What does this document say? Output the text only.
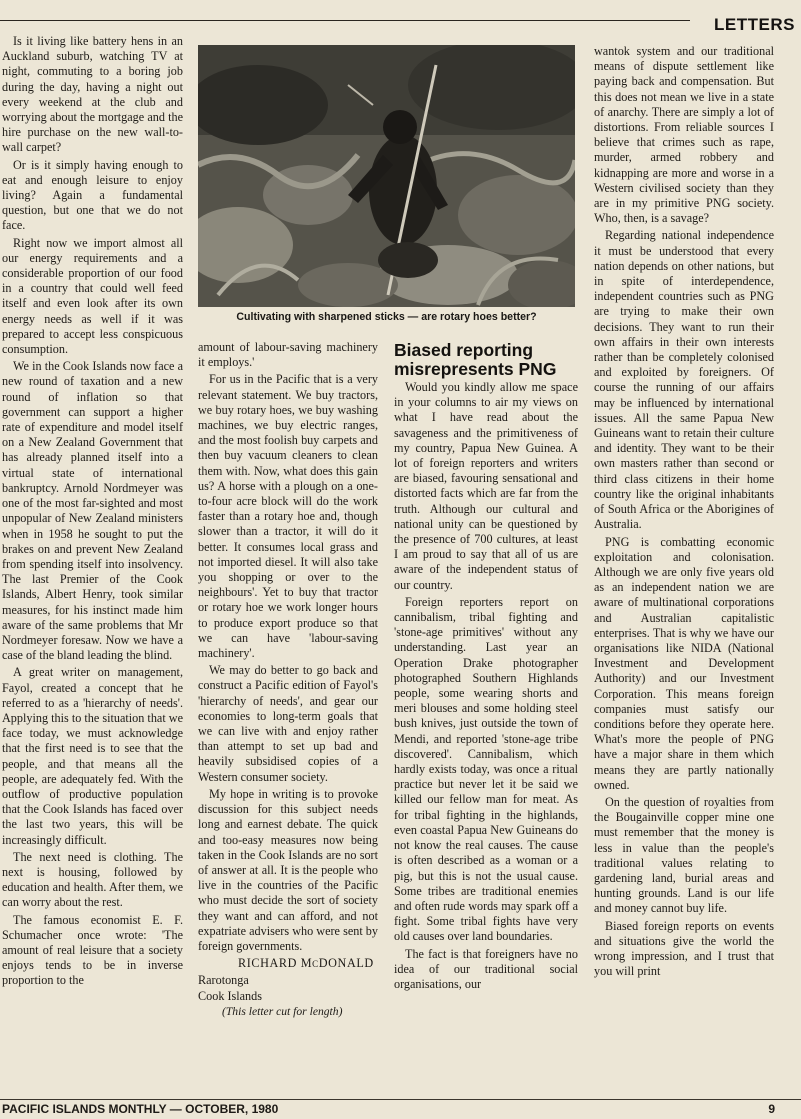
LETTERS

Is it living like battery hens in an Auckland suburb, watching TV at night, commuting to a boring job during the day, having a night out every weekend at the club and worrying about the mortgage and the hire purchase on the new wall-to-wall carpet?

Or is it simply having enough to eat and enough leisure to enjoy living? Again a fundamental question, but one that we do not face.

Right now we import almost all our energy requirements and a considerable proportion of our food in a country that could well feed itself and even look after its own energy needs as well if it was prepared to accept less conspicuous consumption.

We in the Cook Islands now face a new round of taxation and a new round of inflation so that government can support a higher rate of expenditure and model itself on a New Zealand Government that has already planned itself into a virtual state of international bankruptcy. Arnold Nordmeyer was one of the most far-sighted and most unpopular of New Zealand ministers when in 1958 he sought to put the brakes on and prevent New Zealand from spending itself into insolvency. The last Premier of the Cook Islands, Albert Henry, took similar measures, for his instinct made him aware of the same problems that Mr Nordmeyer foresaw. Now we have a case of the bland leading the blind.

A great writer on management, Fayol, created a concept that he referred to as a 'hierarchy of needs'. Applying this to the situation that we face today, we must acknowledge that the first need is to see that the people, and that means all the people, are adequately fed. With the outflow of productive population that the Cook Islands has faced over the last two years, this will be increasingly difficult.

The next need is clothing. The next is housing, followed by education and health. After them, we can worry about the rest.

The famous economist E. F. Schumacher once wrote: 'The amount of real leisure that a society enjoys tends to be in inverse proportion to the

Cultivating with sharpened sticks — are rotary hoes better?

amount of labour-saving machinery it employs.'

For us in the Pacific that is a very relevant statement. We buy tractors, we buy rotary hoes, we buy washing machines, we buy electric ranges, and the most foolish buy carpets and then buy vacuum cleaners to clean them with. Now, what does this gain us? A horse with a plough on a one-to-four acre block will do the work faster than a rotary hoe and, though slower than a tractor, it will do it better. It consumes local grass and not imported diesel. It will also take you shopping or over to the neighbours'. Yet to buy that tractor or rotary hoe we work longer hours to produce export produce so that we can have 'labour-saving machinery'.

We may do better to go back and construct a Pacific edition of Fayol's 'hierarchy of needs', and gear our economies to long-term goals that we can live with and enjoy rather than attempt to set up bad and heavily subsidised copies of a Western consumer society.

My hope in writing is to provoke discussion for this subject needs long and earnest debate. The quick and too-easy measures now being taken in the Cook Islands are no sort of answer at all. It is the people who live in the countries of the Pacific who must decide the sort of society they want and can afford, and not expatriate advisers who were sent by foreign governments.

RICHARD McDONALD

Rarotonga

Cook Islands

(This letter cut for length)

Biased reporting misrepresents PNG

Would you kindly allow me space in your columns to air my views on what I have read about the savageness and the primitiveness of my country, Papua New Guinea. A lot of foreign reporters and writers are biased, favouring sensational and distorted facts which are far from the truth. Although our cultural and national unity can be questioned by the presence of 700 cultures, at least I am proud to say that all of us are aware of the independent status of our country.

Foreign reporters report on cannibalism, tribal fighting and 'stone-age primitives' without any understanding. Last year an Operation Drake photographer photographed Southern Highlands people, some wearing shorts and meri blouses and some holding steel bush knives, just outside the town of Mendi, and reported 'stone-age tribe discovered'. Cannibalism, which hardly exists today, was once a ritual practice but never let it be said we killed our fellow man for meat. As for tribal fighting in the highlands, even coastal Papua New Guineans do not know the real causes. The cause is often described as a woman or a pig, but this is not the usual cause. Some tribes are traditional enemies and often rude words may spark off a fight. Some tribal fights have very old causes over land boundaries.

The fact is that foreigners have no idea of our traditional social organisations, our

wantok system and our traditional means of dispute settlement like paying back and compensation. But this does not mean we live in a state of anarchy. There are simply a lot of distortions. From reliable sources I believe that crimes such as rape, murder, armed robbery and kidnapping are more and worse in a Western civilised society than they are in my primitive PNG society. Who, then, is a savage?

Regarding national independence it must be understood that every nation depends on other nations, but in spite of interdependence, independent countries such as PNG are trying to make their own decisions. They want to run their own affairs in their own interests rather than be completely colonised and exploited by foreigners. Of course the running of our affairs may be influenced by international issues. All the same Papua New Guineans want to retain their culture and identity. They want to be their own masters rather than second or third class citizens in their home country like the original inhabitants of South Africa or the Aborigines of Australia.

PNG is combatting economic exploitation and colonisation. Although we are only five years old as an independent nation we are aware of multinational corporations and Australian capitalistic enterprises. That is why we have our organisations like NIDA (National Investment and Development Authority) and our Investment Corporation. This means foreign companies must satisfy our conditions before they operate here. What's more the people of PNG have a major share in them which means they are partly nationally owned.

On the question of royalties from the Bougainville copper mine one must remember that the money is less in value than the people's traditional values relating to gardening land, burial areas and hunting grounds. Land is our life and money cannot buy life.

Biased foreign reports on events and situations give the world the wrong impression, and I trust that you will print

PACIFIC ISLANDS MONTHLY — OCTOBER, 1980	9
